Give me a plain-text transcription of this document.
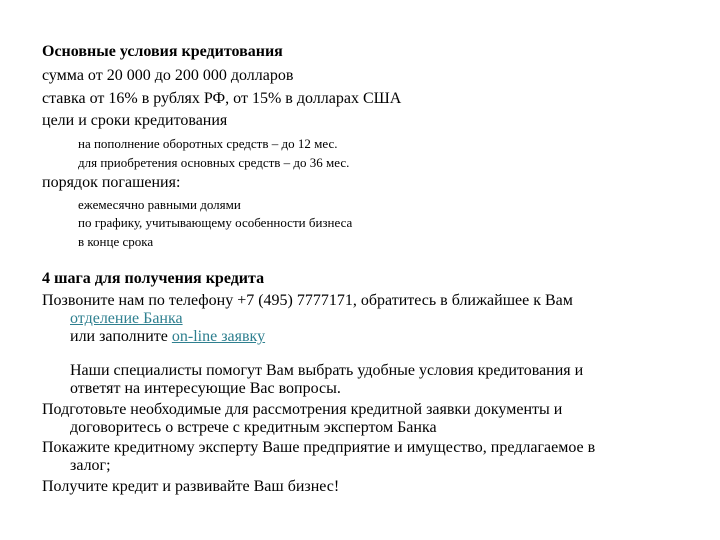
Основные условия кредитования
сумма от 20 000 до 200 000 долларов
ставка от 16% в рублях РФ, от 15% в долларах США
цели и сроки кредитования
на пополнение оборотных средств – до 12 мес.
для приобретения основных средств – до 36 мес.
порядок погашения:
ежемесячно равными долями
по графику, учитывающему особенности бизнеса
в конце срока
4 шага для получения кредита
Позвоните нам по телефону +7 (495) 7777171, обратитесь в ближайшее к Вам
отделение Банка
или заполните on-line заявку
Наши специалисты помогут Вам выбрать удобные условия кредитования и
ответят на интересующие Вас вопросы.
Подготовьте необходимые для рассмотрения кредитной заявки документы и
договоритесь о встрече с кредитным экспертом Банка
Покажите кредитному эксперту Ваше предприятие и имущество, предлагаемое в
залог;
Получите кредит и развивайте Ваш бизнес!
